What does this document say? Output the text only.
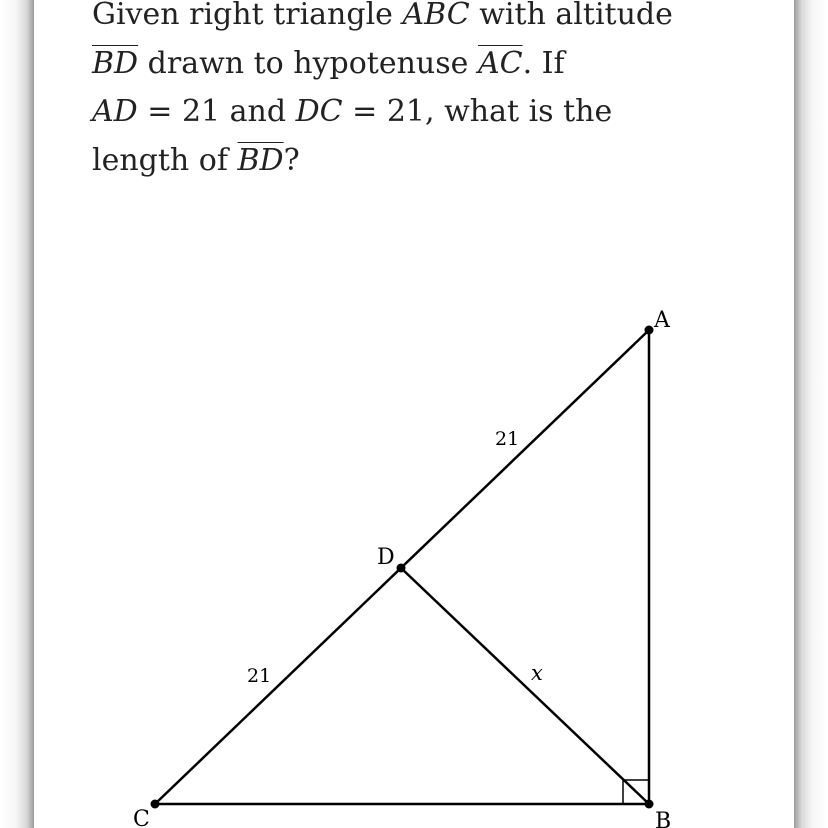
Given right triangle ABC with altitude
$\overline{BD}$ drawn to hypotenuse $\overline{AC}$. If
AD = 21 and DC = 21, what is the
length of $\overline{BD}$?

A
D
C	B
21
21	x
